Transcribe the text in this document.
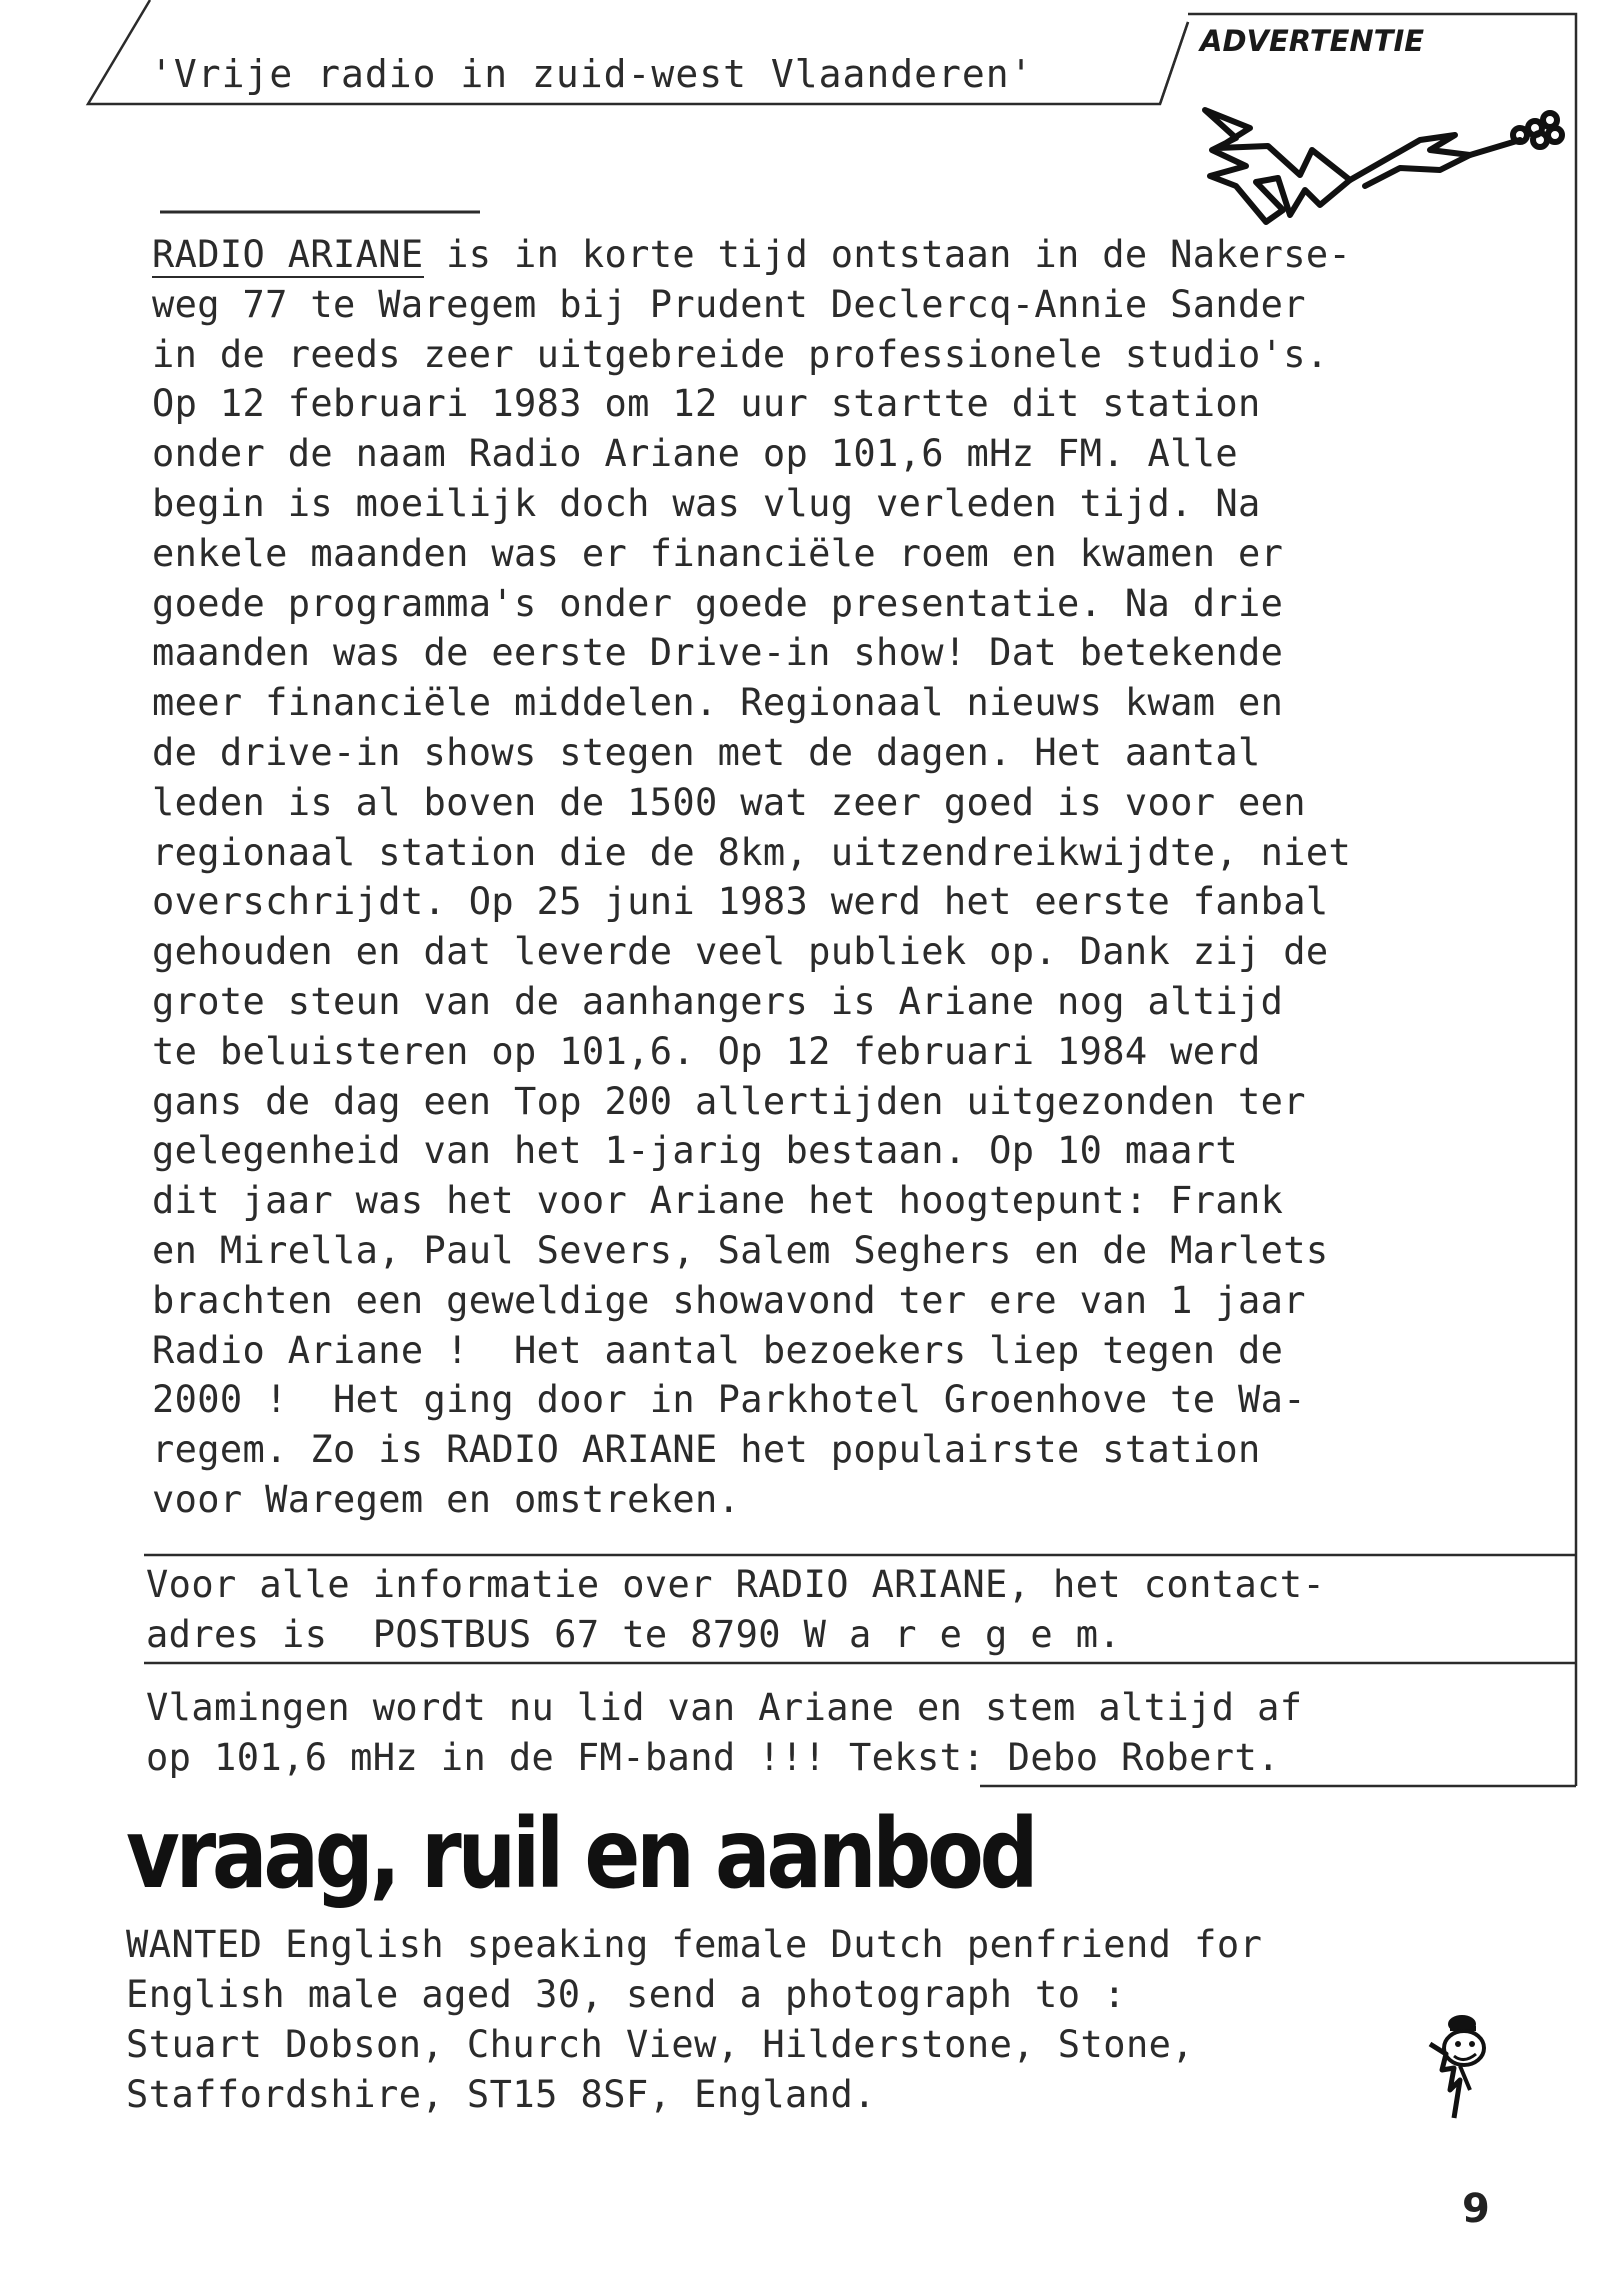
'Vrije radio in zuid-west Vlaanderen'
ADVERTENTIE
RADIO ARIANE is in korte tijd ontstaan in de Nakerse-
weg 77 te Waregem bij Prudent Declercq-Annie Sander
in de reeds zeer uitgebreide professionele studio's.
Op 12 februari 1983 om 12 uur startte dit station
onder de naam Radio Ariane op 101,6 mHz FM. Alle
begin is moeilijk doch was vlug verleden tijd. Na
enkele maanden was er financiële roem en kwamen er
goede programma's onder goede presentatie. Na drie
maanden was de eerste Drive-in show! Dat betekende
meer financiële middelen. Regionaal nieuws kwam en
de drive-in shows stegen met de dagen. Het aantal
leden is al boven de 1500 wat zeer goed is voor een
regionaal station die de 8km, uitzendreikwijdte, niet
overschrijdt. Op 25 juni 1983 werd het eerste fanbal
gehouden en dat leverde veel publiek op. Dank zij de
grote steun van de aanhangers is Ariane nog altijd
te beluisteren op 101,6. Op 12 februari 1984 werd
gans de dag een Top 200 allertijden uitgezonden ter
gelegenheid van het 1-jarig bestaan. Op 10 maart
dit jaar was het voor Ariane het hoogtepunt: Frank
en Mirella, Paul Severs, Salem Seghers en de Marlets
brachten een geweldige showavond ter ere van 1 jaar
Radio Ariane !  Het aantal bezoekers liep tegen de
2000 !  Het ging door in Parkhotel Groenhove te Wa-
regem. Zo is RADIO ARIANE het populairste station
voor Waregem en omstreken.
Voor alle informatie over RADIO ARIANE, het contact-
adres is  POSTBUS 67 te 8790 W a r e g e m.
Vlamingen wordt nu lid van Ariane en stem altijd af
op 101,6 mHz in de FM-band !!! Tekst: Debo Robert.
vraag, ruil en aanbod
WANTED English speaking female Dutch penfriend for
English male aged 30, send a photograph to :
Stuart Dobson, Church View, Hilderstone, Stone,
Staffordshire, ST15 8SF, England.
9
